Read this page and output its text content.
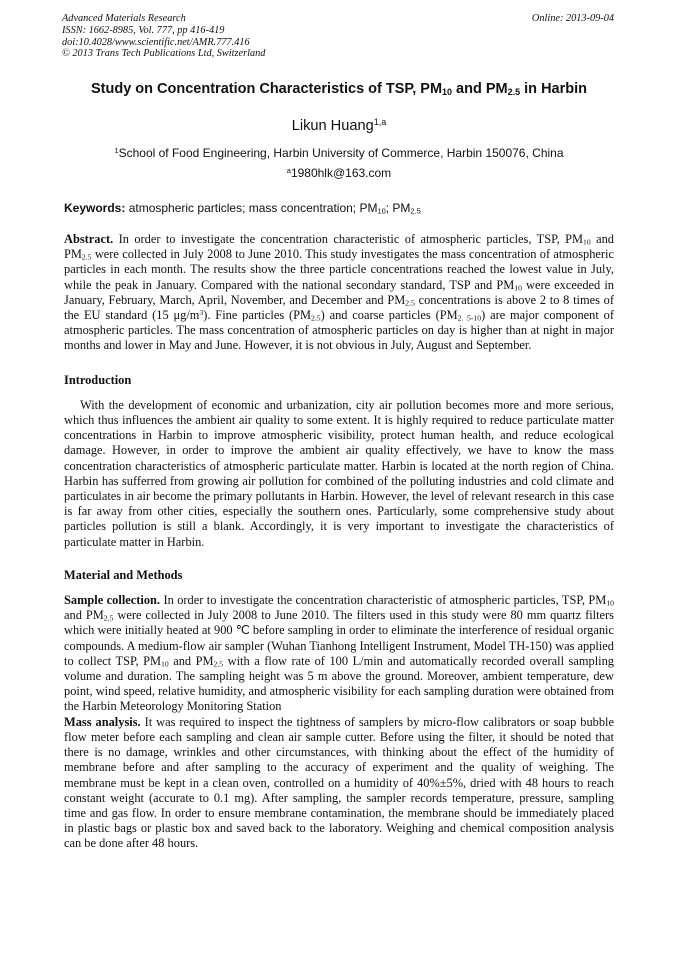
Advanced Materials Research
ISSN: 1662-8985, Vol. 777, pp 416-419
doi:10.4028/www.scientific.net/AMR.777.416
© 2013 Trans Tech Publications Ltd, Switzerland
Online: 2013-09-04
Study on Concentration Characteristics of TSP, $PM_{10}$ and $PM_{2.5}$ in Harbin
Likun Huang$^{1,a}$
$^1$School of Food Engineering, Harbin University of Commerce, Harbin 150076, China
$^a$1980hlk@163.com
Keywords: atmospheric particles; mass concentration; $PM_{10}$; $PM_{2.5}$

Abstract. In order to investigate the concentration characteristic of atmospheric particles, TSP, $PM_{10}$ and $PM_{2.5}$ were collected in July 2008 to June 2010. This study investigates the mass concentration of atmospheric particles in each month. The results show the three particle concentrations reached the lowest value in July, while the peak in January. Compared with the national secondary standard, TSP and $PM_{10}$ were exceeded in January, February, March, April, November, and December and $PM_{2.5}$ concentrations is above 2 to 8 times of the EU standard (15 $\mu g/m^3$). Fine particles $(PM_{2.5})$ and coarse particles $(PM_{2. 5-10})$ are major component of atmospheric particles. The mass concentration of atmospheric particles on day is higher than at night in major months and lower in May and June. However, it is not obvious in July, August and September.

Introduction

With the development of economic and urbanization, city air pollution becomes more and more serious, which thus influences the ambient air quality to some extent. It is highly required to reduce particulate matter concentrations in Harbin to improve atmospheric visibility, protect human health, and reduce ecological damage. However, in order to improve the ambient air quality effectively, we have to know the mass concentration characteristics of atmospheric particulate matter. Harbin is located at the north region of China. Harbin has sufferred from growing air pollution for combined of the polluting industries and cold climate and particulates in air become the primary pollutants in Harbin. However, the level of relevant research in this case is far away from other cities, especially the southern ones. Particularly, some comprehensive study about particles pollution is still a blank. Accordingly, it is very important to investigate the characteristics of particulate matter in Harbin.

Material and Methods

Sample collection. In order to investigate the concentration characteristic of atmospheric particles, TSP, $PM_{10}$ and $PM_{2.5}$ were collected in July 2008 to June 2010. The filters used in this study were 80 mm quartz filters which were initially heated at 900 ℃ before sampling in order to eliminate the interference of residual organic compounds. A medium-flow air sampler (Wuhan Tianhong Intelligent Instrument, Model TH-150) was applied to collect TSP, $PM_{10}$ and $PM_{2.5}$ with a flow rate of 100 L/min and automatically recorded overall sampling volume and duration. The sampling height was 5 m above the ground. Moreover, ambient temperature, dew point, wind speed, relative humidity, and atmospheric visibility for each sampling duration were obtained from the Harbin Meteorology Monitoring Station

Mass analysis. It was required to inspect the tightness of samplers by micro-flow calibrators or soap bubble flow meter before each sampling and clean air sample cutter. Before using the filter, it should be noted that there is no damage, wrinkles and other circumstances, with thinking about the effect of the humidity of membrane before and after sampling to the accuracy of experiment and the quality of weighing. The membrane must be kept in a clean oven, controlled on a humidity of 40%±5%, dried with 48 hours to reach constant weight (accurate to 0.1 mg). After sampling, the sampler records temperature, pressure, sampling time and gas flow. In order to ensure membrane contamination, the membrane should be immediately placed in plastic bags or plastic box and saved back to the laboratory. Weighing and chemical composition analysis can be done after 48 hours.
